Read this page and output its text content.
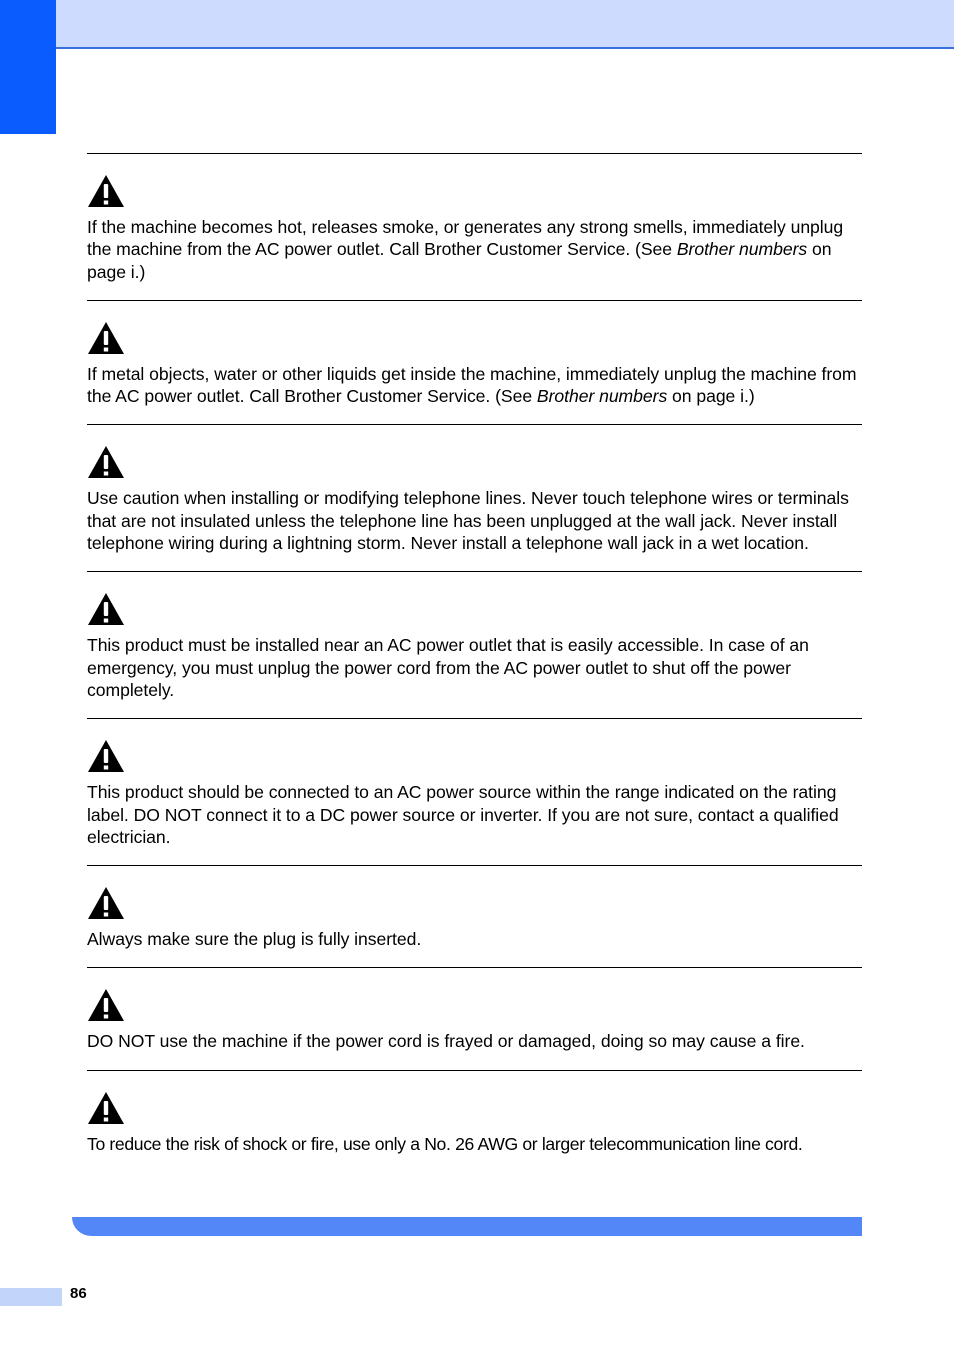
If the machine becomes hot, releases smoke, or generates any strong smells, immediately unplug the machine from the AC power outlet. Call Brother Customer Service. (See Brother numbers on page i.)

If metal objects, water or other liquids get inside the machine, immediately unplug the machine from the AC power outlet. Call Brother Customer Service. (See Brother numbers on page i.)

Use caution when installing or modifying telephone lines. Never touch telephone wires or terminals that are not insulated unless the telephone line has been unplugged at the wall jack. Never install telephone wiring during a lightning storm. Never install a telephone wall jack in a wet location.

This product must be installed near an AC power outlet that is easily accessible. In case of an emergency, you must unplug the power cord from the AC power outlet to shut off the power completely.

This product should be connected to an AC power source within the range indicated on the rating label. DO NOT connect it to a DC power source or inverter. If you are not sure, contact a qualified electrician.

Always make sure the plug is fully inserted.

DO NOT use the machine if the power cord is frayed or damaged, doing so may cause a fire.

To reduce the risk of shock or fire, use only a No. 26 AWG or larger telecommunication line cord.

86
